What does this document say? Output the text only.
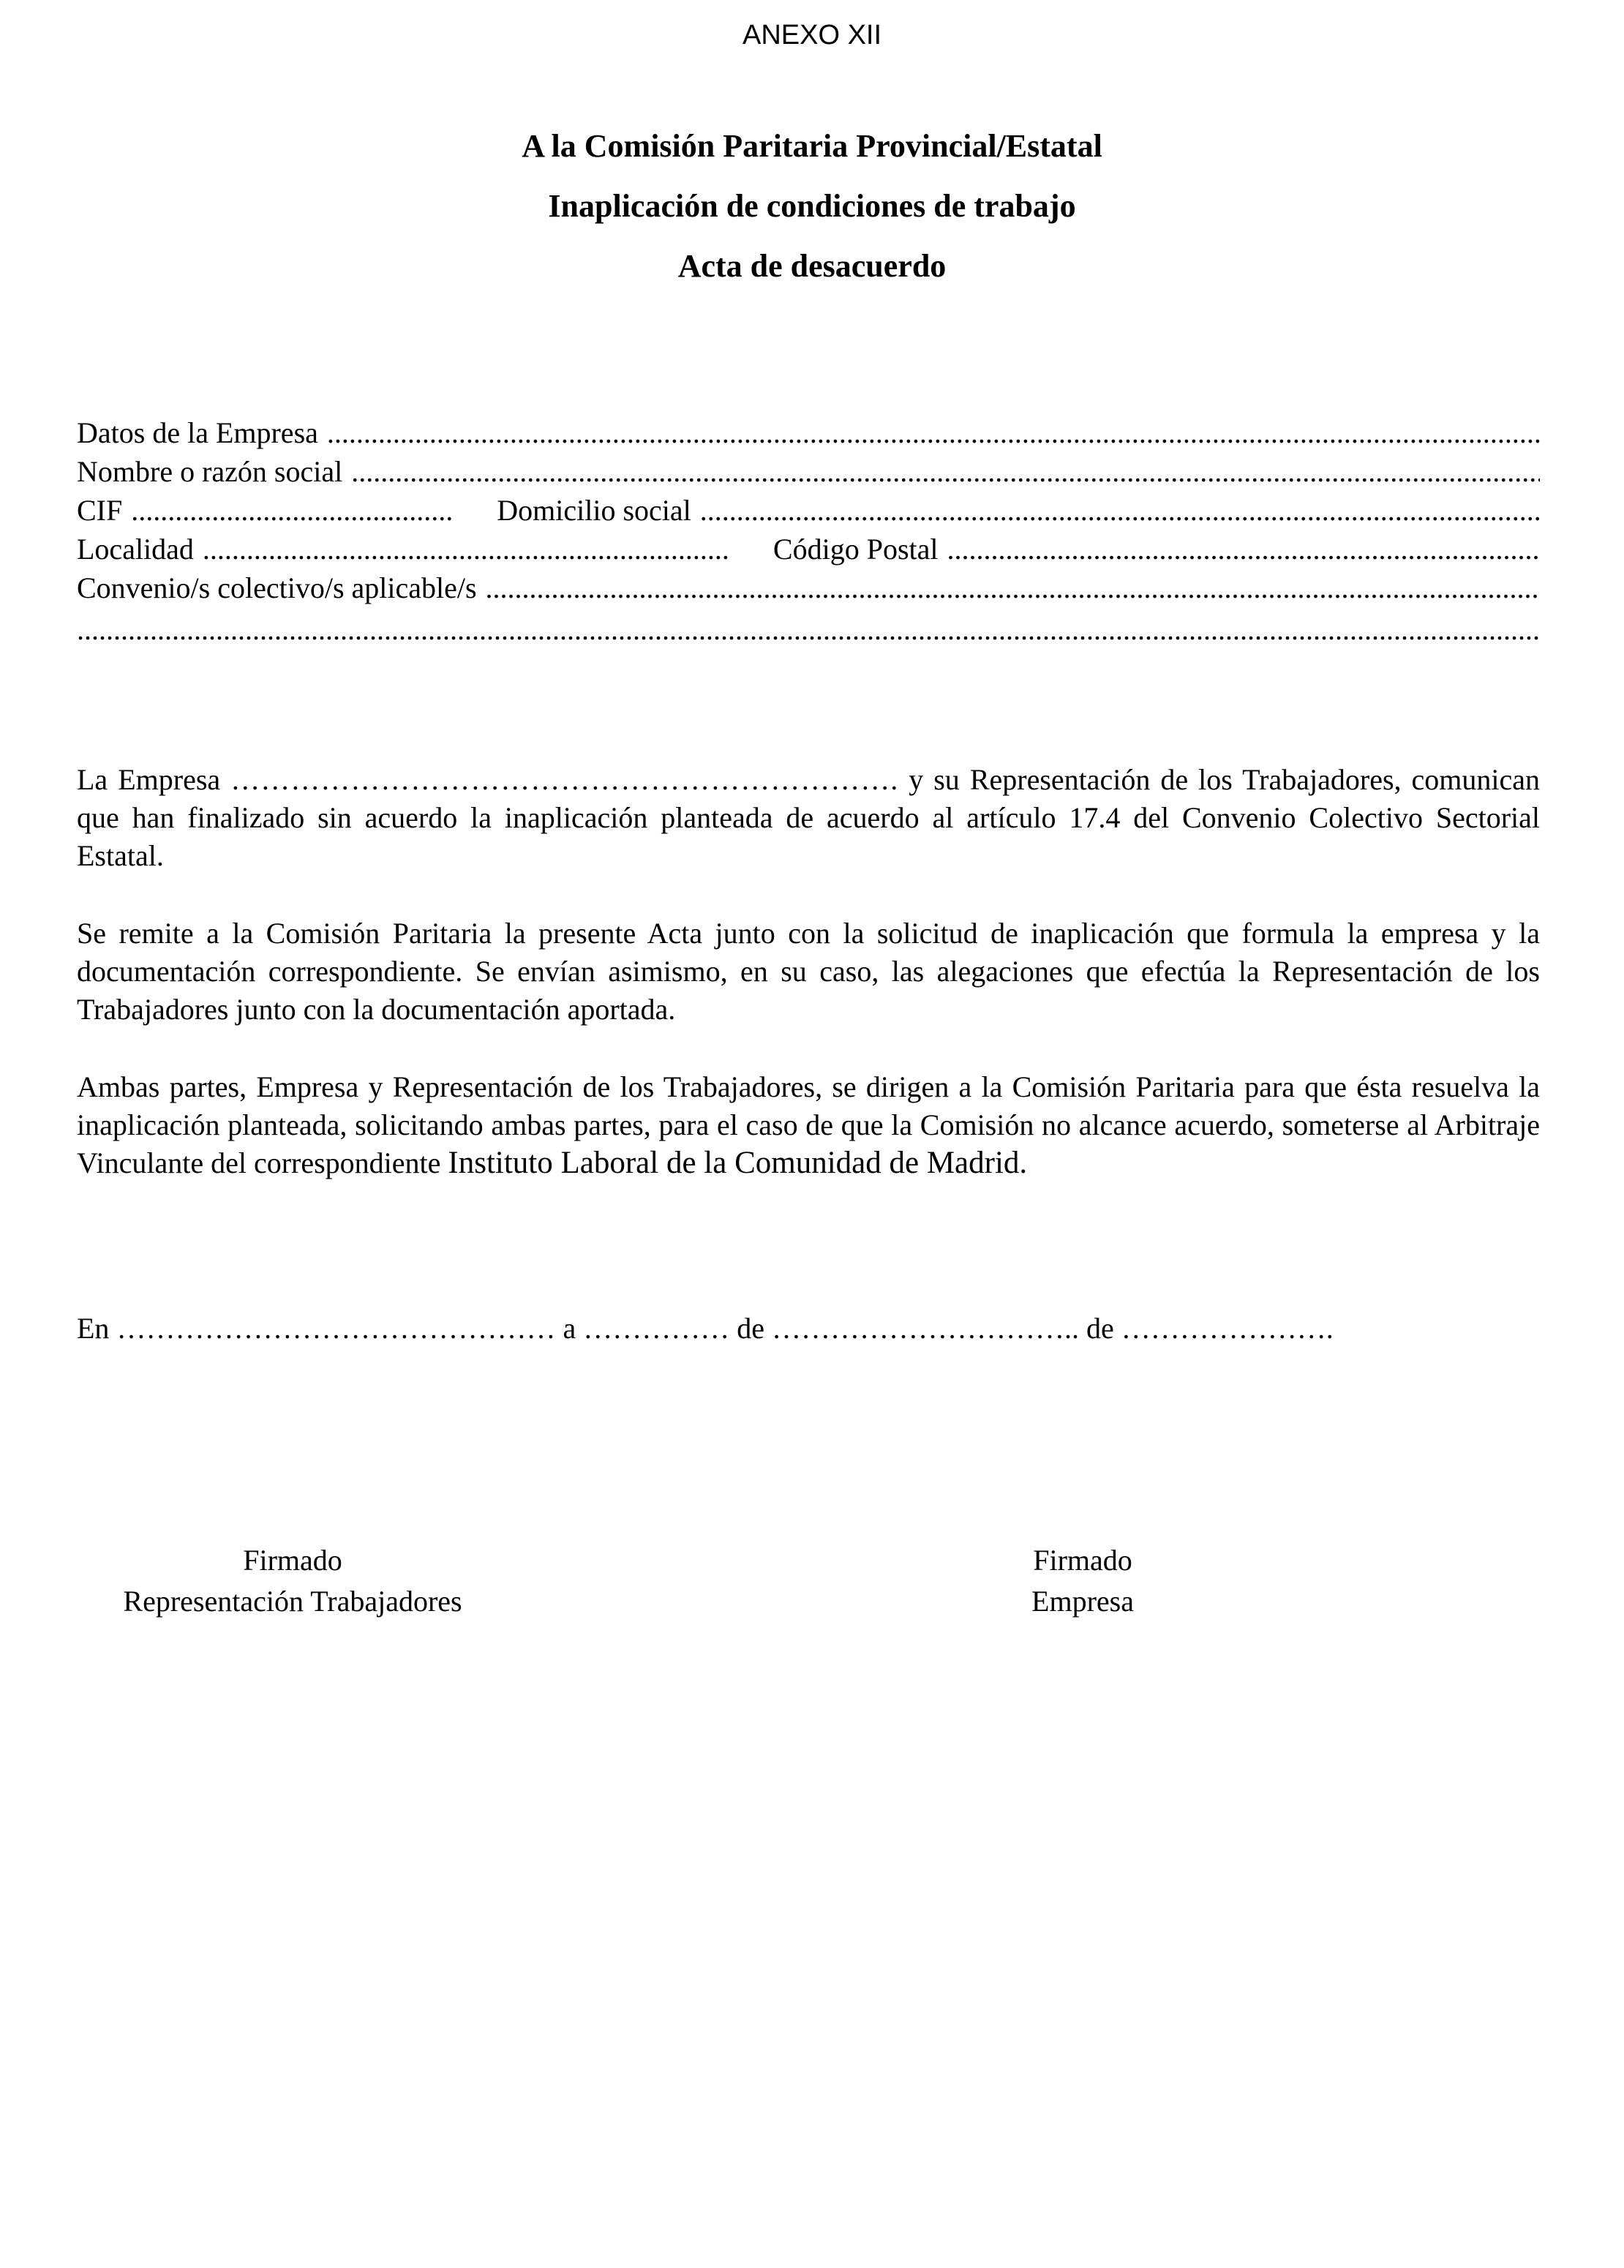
ANEXO XII
A la Comisión Paritaria Provincial/Estatal
Inaplicación de condiciones de trabajo
Acta de desacuerdo
Datos de la Empresa
.....
Nombre o razón social
.....
CIF .....	Domicilio social
.....
Localidad .....	Código Postal
.....
Convenio/s colectivo/s aplicable/s
.....
.....
La Empresa …………………………………………………………. y su Representación de los Trabajadores, comunican que han finalizado sin acuerdo la inaplicación planteada de acuerdo al artículo 17.4 del Convenio Colectivo Sectorial Estatal.
Se remite a la Comisión Paritaria la presente Acta junto con la solicitud de inaplicación que formula la empresa y la documentación correspondiente. Se envían asimismo, en su caso, las alegaciones que efectúa la Representación de los Trabajadores junto con la documentación aportada.
Ambas partes, Empresa y Representación de los Trabajadores, se dirigen a la Comisión Paritaria para que ésta resuelva la inaplicación planteada, solicitando ambas partes, para el caso de que la Comisión no alcance acuerdo, someterse al Arbitraje Vinculante del correspondiente Instituto Laboral de la Comunidad de Madrid.
En ……………………………………… a …………… de ………………………….. de ………………….
Firmado
Representación Trabajadores
Firmado
Empresa
